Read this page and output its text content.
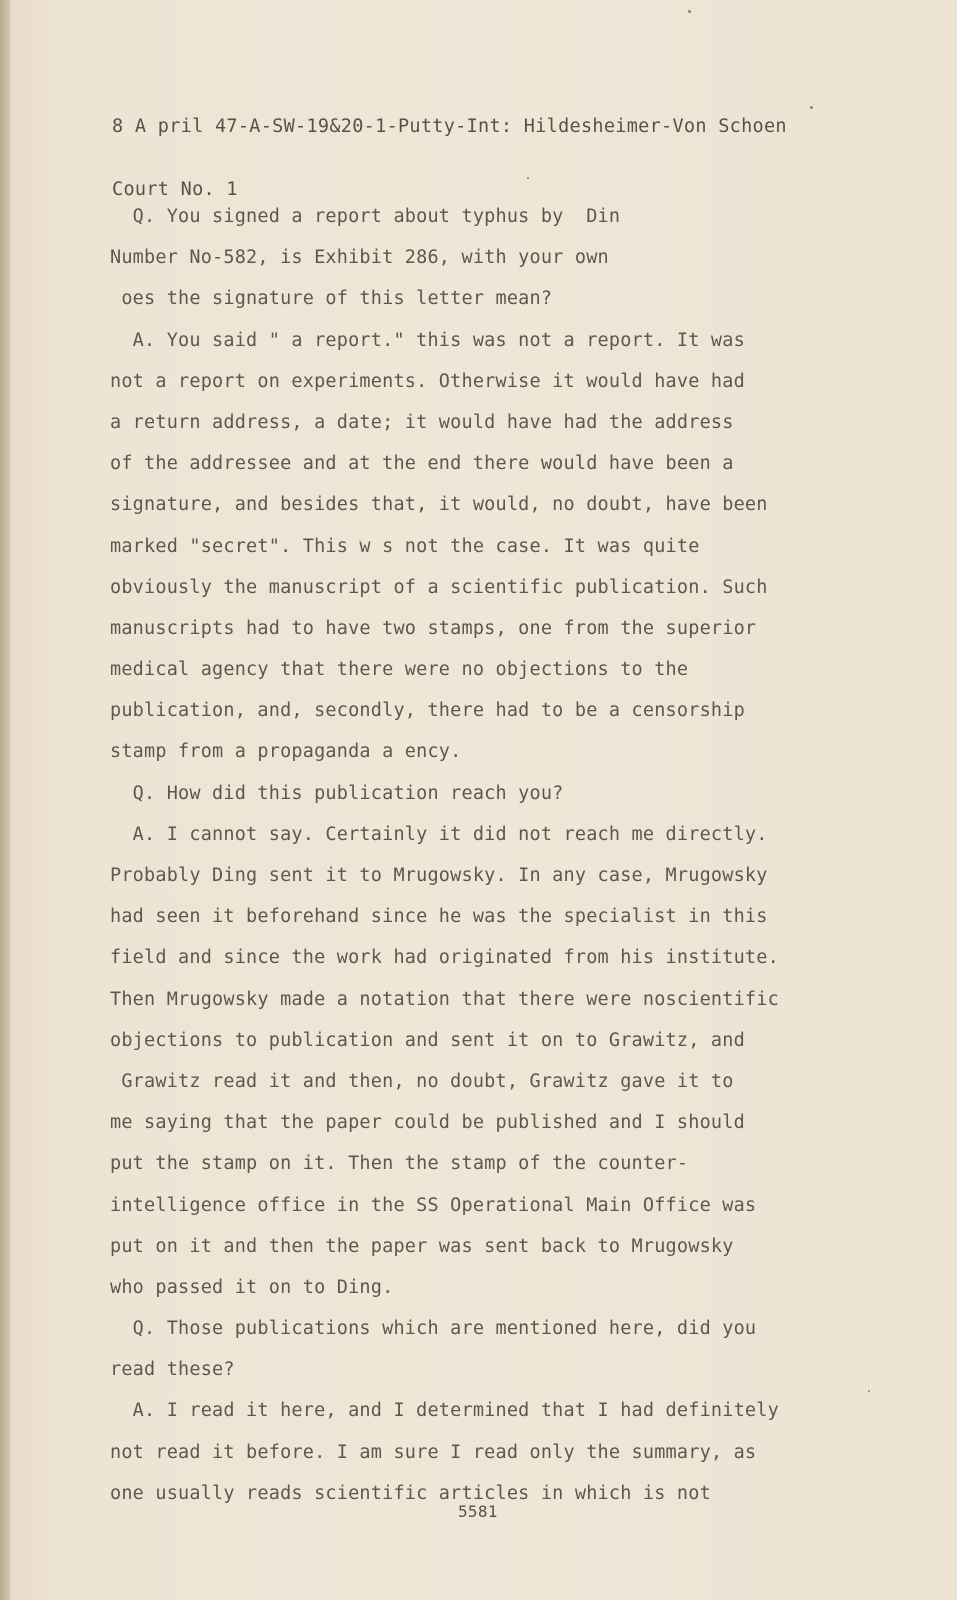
8 A pril 47-A-SW-19&20-1-Putty-Int: Hildesheimer-Von Schoen

Court No. 1

Q. You signed a report about typhus by  Din
Number No-582, is Exhibit 286, with your own
oes the signature of this letter mean?
A. You said " a report." this was not a report. It was
not a report on experiments. Otherwise it would have had
a return address, a date; it would have had the address
of the addressee and at the end there would have been a
signature, and besides that, it would, no doubt, have been
marked "secret". This w s not the case. It was quite
obviously the manuscript of a scientific publication. Such
manuscripts had to have two stamps, one from the superior
medical agency that there were no objections to the
publication, and, secondly, there had to be a censorship
stamp from a propaganda a ency.
Q. How did this publication reach you?
A. I cannot say. Certainly it did not reach me directly.
Probably Ding sent it to Mrugowsky. In any case, Mrugowsky
had seen it beforehand since he was the specialist in this
field and since the work had originated from his institute.
Then Mrugowsky made a notation that there were noscientific
objections to publication and sent it on to Grawitz, and
Grawitz read it and then, no doubt, Grawitz gave it to
me saying that the paper could be published and I should
put the stamp on it. Then the stamp of the counter-
intelligence office in the SS Operational Main Office was
put on it and then the paper was sent back to Mrugowsky
who passed it on to Ding.
Q. Those publications which are mentioned here, did you
read these?
A. I read it here, and I determined that I had definitely
not read it before. I am sure I read only the summary, as
one usually reads scientific articles in which is not
5581
